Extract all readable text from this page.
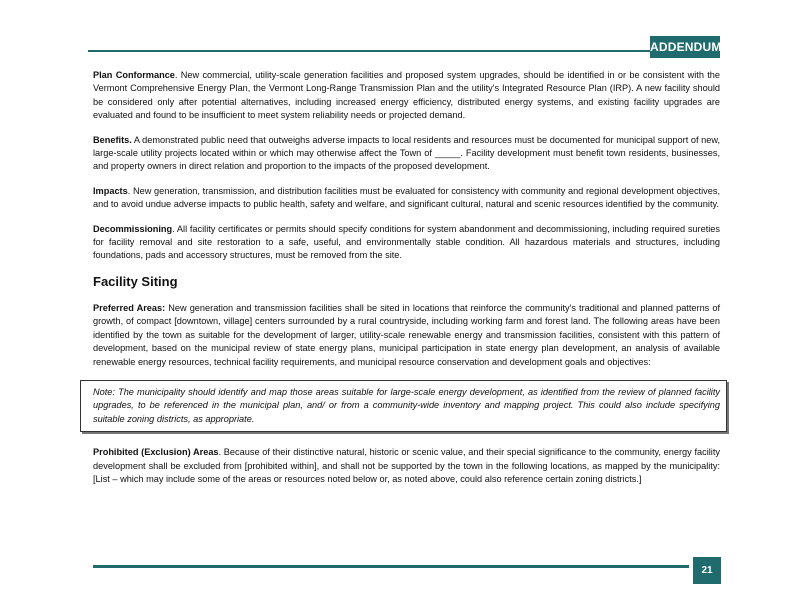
ADDENDUM

Plan Conformance. New commercial, utility-scale generation facilities and proposed system upgrades, should be identified in or be consistent with the Vermont Comprehensive Energy Plan, the Vermont Long-Range Transmission Plan and the utility's Integrated Resource Plan (IRP). A new facility should be considered only after potential alternatives, including increased energy efficiency, distributed energy systems, and existing facility upgrades are evaluated and found to be insufficient to meet system reliability needs or projected demand.

Benefits. A demonstrated public need that outweighs adverse impacts to local residents and resources must be documented for municipal support of new, large-scale utility projects located within or which may otherwise affect the Town of _____. Facility development must benefit town residents, businesses, and property owners in direct relation and proportion to the impacts of the proposed development.

Impacts. New generation, transmission, and distribution facilities must be evaluated for consistency with community and regional development objectives, and to avoid undue adverse impacts to public health, safety and welfare, and significant cultural, natural and scenic resources identified by the community.

Decommissioning. All facility certificates or permits should specify conditions for system abandonment and decommissioning, including required sureties for facility removal and site restoration to a safe, useful, and environmentally stable condition. All hazardous materials and structures, including foundations, pads and accessory structures, must be removed from the site.

Facility Siting

Preferred Areas: New generation and transmission facilities shall be sited in locations that reinforce the community's traditional and planned patterns of growth, of compact [downtown, village] centers surrounded by a rural countryside, including working farm and forest land. The following areas have been identified by the town as suitable for the development of larger, utility-scale renewable energy and transmission facilities, consistent with this pattern of development, based on the municipal review of state energy plans, municipal participation in state energy plan development, an analysis of available renewable energy resources, technical facility requirements, and municipal resource conservation and development goals and objectives:

Note: The municipality should identify and map those areas suitable for large-scale energy development, as identified from the review of planned facility upgrades, to be referenced in the municipal plan, and/ or from a community-wide inventory and mapping project. This could also include specifying suitable zoning districts, as appropriate.

Prohibited (Exclusion) Areas. Because of their distinctive natural, historic or scenic value, and their special significance to the community, energy facility development shall be excluded from [prohibited within], and shall not be supported by the town in the following locations, as mapped by the municipality: [List – which may include some of the areas or resources noted below or, as noted above, could also reference certain zoning districts.]

21
